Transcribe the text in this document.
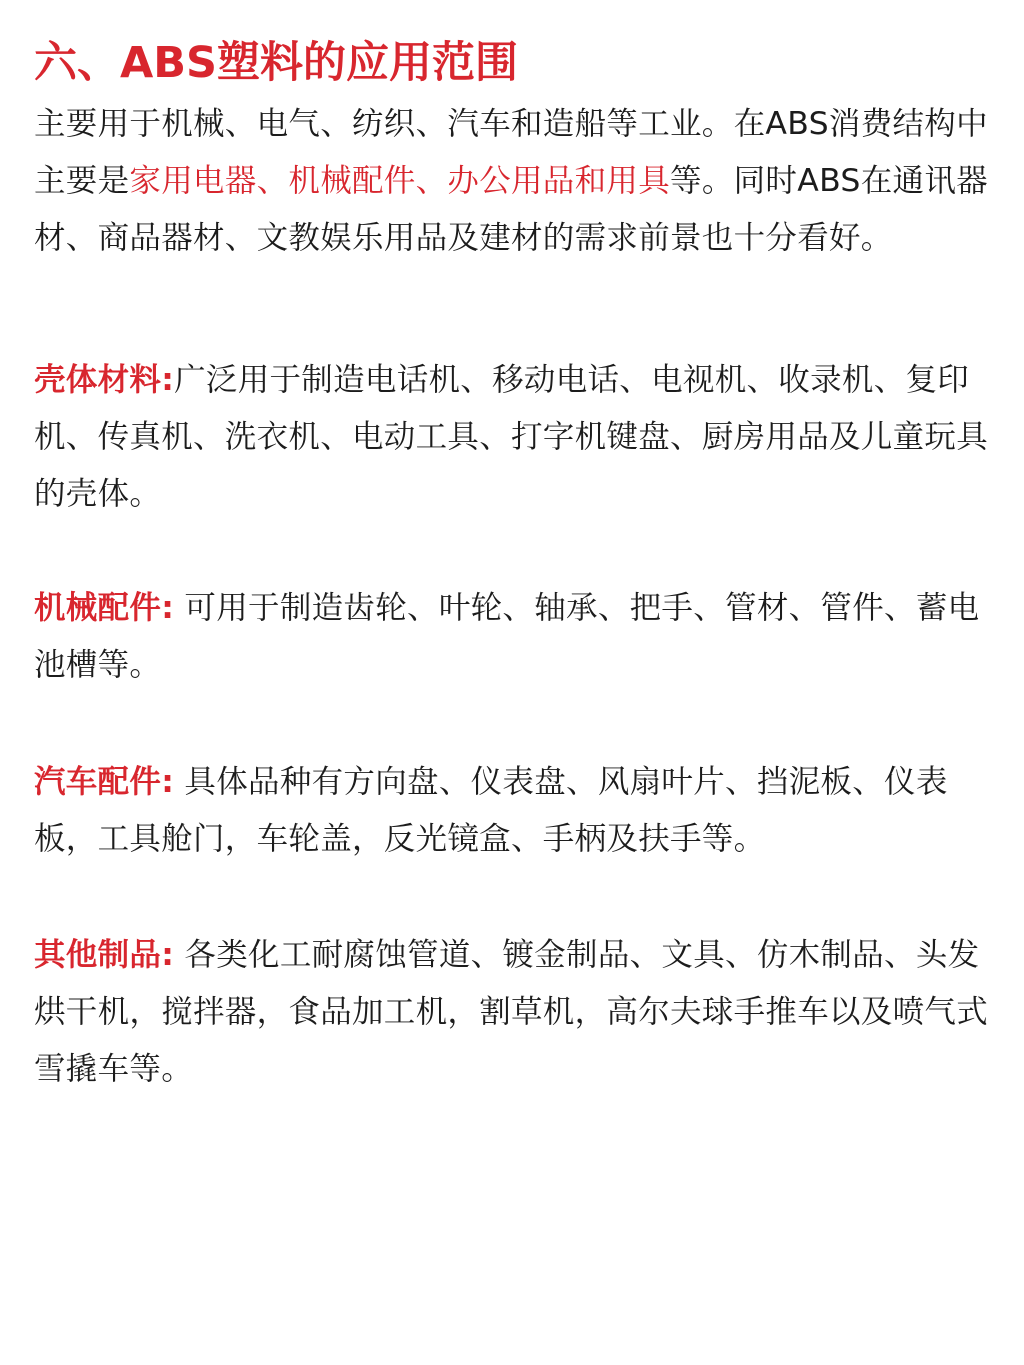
六、ABS塑料的应用范围

主要用于机械、电气、纺织、汽车和造船等工业。在ABS消费结构中主要是家用电器、机械配件、办公用品和用具等。同时ABS在通讯器材、商品器材、文教娱乐用品及建材的需求前景也十分看好。

壳体材料:广泛用于制造电话机、移动电话、电视机、收录机、复印机、传真机、洗衣机、电动工具、打字机键盘、厨房用品及儿童玩具的壳体。

机械配件: 可用于制造齿轮、叶轮、轴承、把手、管材、管件、蓄电池槽等。

汽车配件: 具体品种有方向盘、仪表盘、风扇叶片、挡泥板、仪表板，工具舱门，车轮盖，反光镜盒、手柄及扶手等。

其他制品: 各类化工耐腐蚀管道、镀金制品、文具、仿木制品、头发烘干机，搅拌器，食品加工机，割草机，高尔夫球手推车以及喷气式雪撬车等。
